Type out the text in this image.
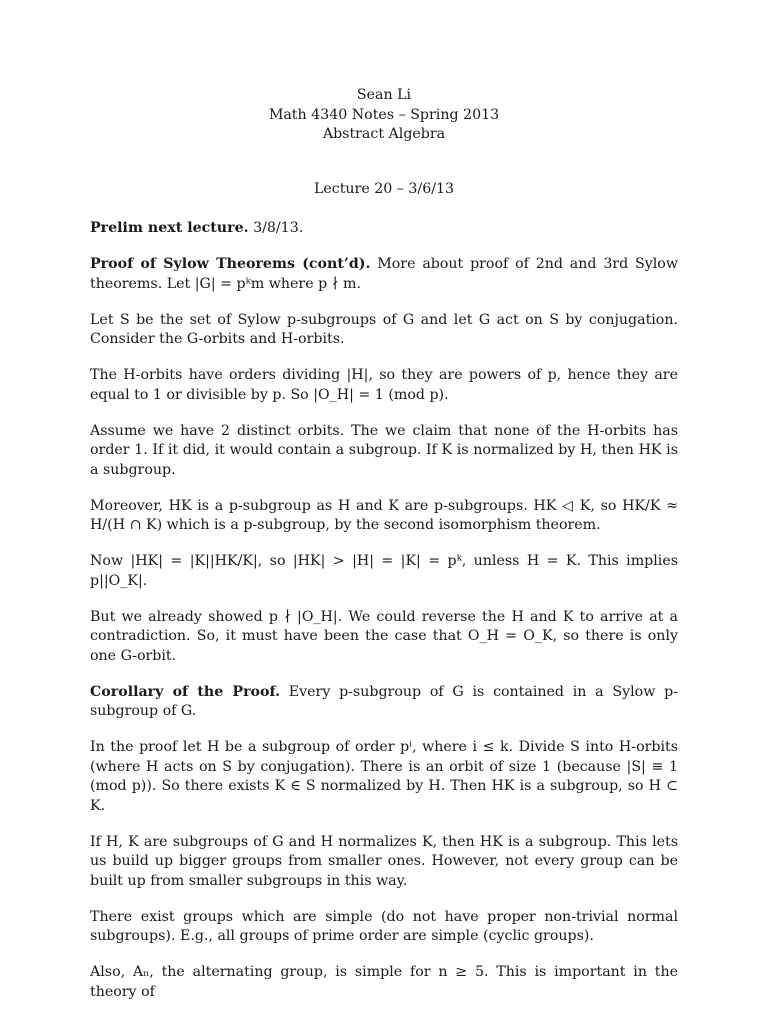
Sean Li
Math 4340 Notes – Spring 2013
Abstract Algebra
Lecture 20 – 3/6/13

Prelim next lecture. 3/8/13.

Proof of Sylow Theorems (cont’d). More about proof of 2nd and 3rd Sylow theorems. Let |G| = pᵏm where p ∤ m.

Let S be the set of Sylow p-subgroups of G and let G act on S by conjugation. Consider the G-orbits and H-orbits.

The H-orbits have orders dividing |H|, so they are powers of p, hence they are equal to 1 or divisible by p. So |O_H| = 1 (mod p).

Assume we have 2 distinct orbits. The we claim that none of the H-orbits has order 1. If it did, it would contain a subgroup. If K is normalized by H, then HK is a subgroup.

Moreover, HK is a p-subgroup as H and K are p-subgroups. HK ◁ K, so HK/K ≈ H/(H ∩ K) which is a p-subgroup, by the second isomorphism theorem.

Now |HK| = |K||HK/K|, so |HK| > |H| = |K| = pᵏ, unless H = K. This implies p||O_K|.

But we already showed p ∤ |O_H|. We could reverse the H and K to arrive at a contradiction. So, it must have been the case that O_H = O_K, so there is only one G-orbit.

Corollary of the Proof. Every p-subgroup of G is contained in a Sylow p-subgroup of G.

In the proof let H be a subgroup of order pⁱ, where i ≤ k. Divide S into H-orbits (where H acts on S by conjugation). There is an orbit of size 1 (because |S| ≡ 1 (mod p)). So there exists K ∈ S normalized by H. Then HK is a subgroup, so H ⊂ K.

If H, K are subgroups of G and H normalizes K, then HK is a subgroup. This lets us build up bigger groups from smaller ones. However, not every group can be built up from smaller subgroups in this way.

There exist groups which are simple (do not have proper non-trivial normal subgroups). E.g., all groups of prime order are simple (cyclic groups).

Also, Aₙ, the alternating group, is simple for n ≥ 5. This is important in the theory of
